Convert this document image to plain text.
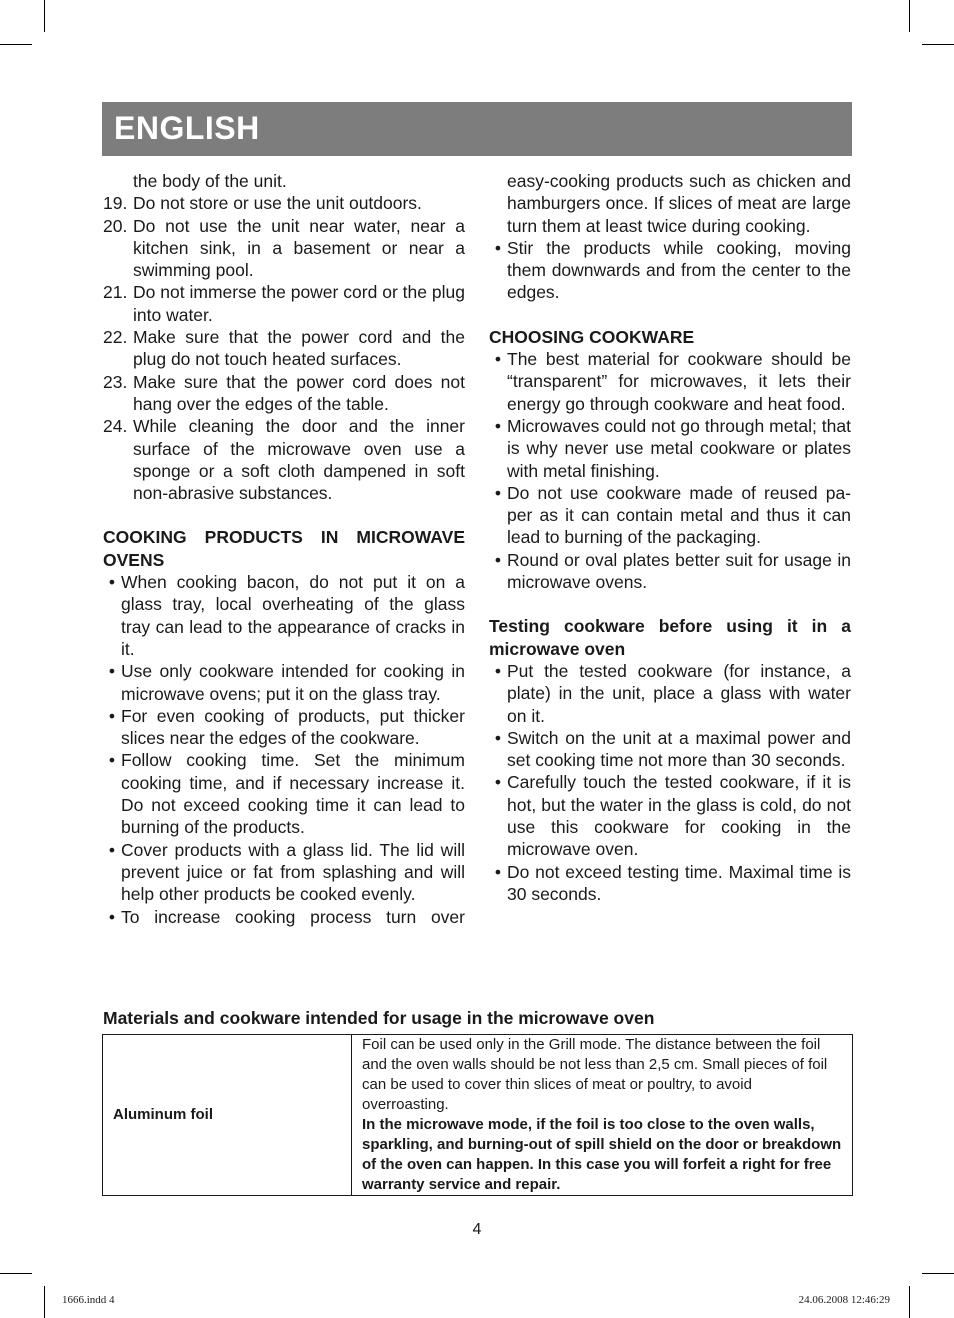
ENGLISH

the body of the unit.

19. Do not store or use the unit outdoors.
20. Do not use the unit near water, near a kitchen sink, in a basement or near a swimming pool.
21. Do not immerse the power cord or the plug into water.
22. Make sure that the power cord and the plug do not touch heated surfaces.
23. Make sure that the power cord does not hang over the edges of the table.
24. While cleaning the door and the inner surface of the microwave oven use a sponge or a soft cloth dampened in soft non-abrasive substances.

COOKING PRODUCTS IN MICROWAVE OVENS

• When cooking bacon, do not put it on a glass tray, local overheating of the glass tray can lead to the appearance of cracks in it.
• Use only cookware intended for cooking in microwave ovens; put it on the glass tray.
• For even cooking of products, put thicker slices near the edges of the cookware.
• Follow cooking time. Set the minimum cooking time, and if necessary increase it. Do not exceed cooking time it can lead to burning of the products.
• Cover products with a glass lid. The lid will prevent juice or fat from splashing and will help other products be cooked evenly.
• To increase cooking process turn over

easy-cooking products such as chicken and hamburgers once. If slices of meat are large turn them at least twice during cooking.

• Stir the products while cooking, moving them downwards and from the center to the edges.

CHOOSING COOKWARE

• The best material for cookware should be “transparent” for microwaves, it lets their energy go through cookware and heat food.
• Microwaves could not go through metal; that is why never use metal cookware or plates with metal finishing.
• Do not use cookware made of reused pa-per as it can contain metal and thus it can lead to burning of the packaging.
• Round or oval plates better suit for usage in microwave ovens.

Testing cookware before using it in a microwave oven

• Put the tested cookware (for instance, a plate) in the unit, place a glass with water on it.
• Switch on the unit at a maximal power and set cooking time not more than 30 seconds.
• Carefully touch the tested cookware, if it is hot, but the water in the glass is cold, do not use this cookware for cooking in the microwave oven.
• Do not exceed testing time. Maximal time is 30 seconds.

Materials and cookware intended for usage in the microwave oven

Aluminum foil	Foil can be used only in the Grill mode. The distance between the foil and the oven walls should be not less than 2,5 cm. Small pieces of foil can be used to cover thin slices of meat or poultry, to avoid overroasting.
In the microwave mode, if the foil is too close to the oven walls, sparkling, and burning-out of spill shield on the door or breakdown of the oven can happen. In this case you will forfeit a right for free warranty service and repair.
4
1666.indd 4	24.06.2008 12:46:29
